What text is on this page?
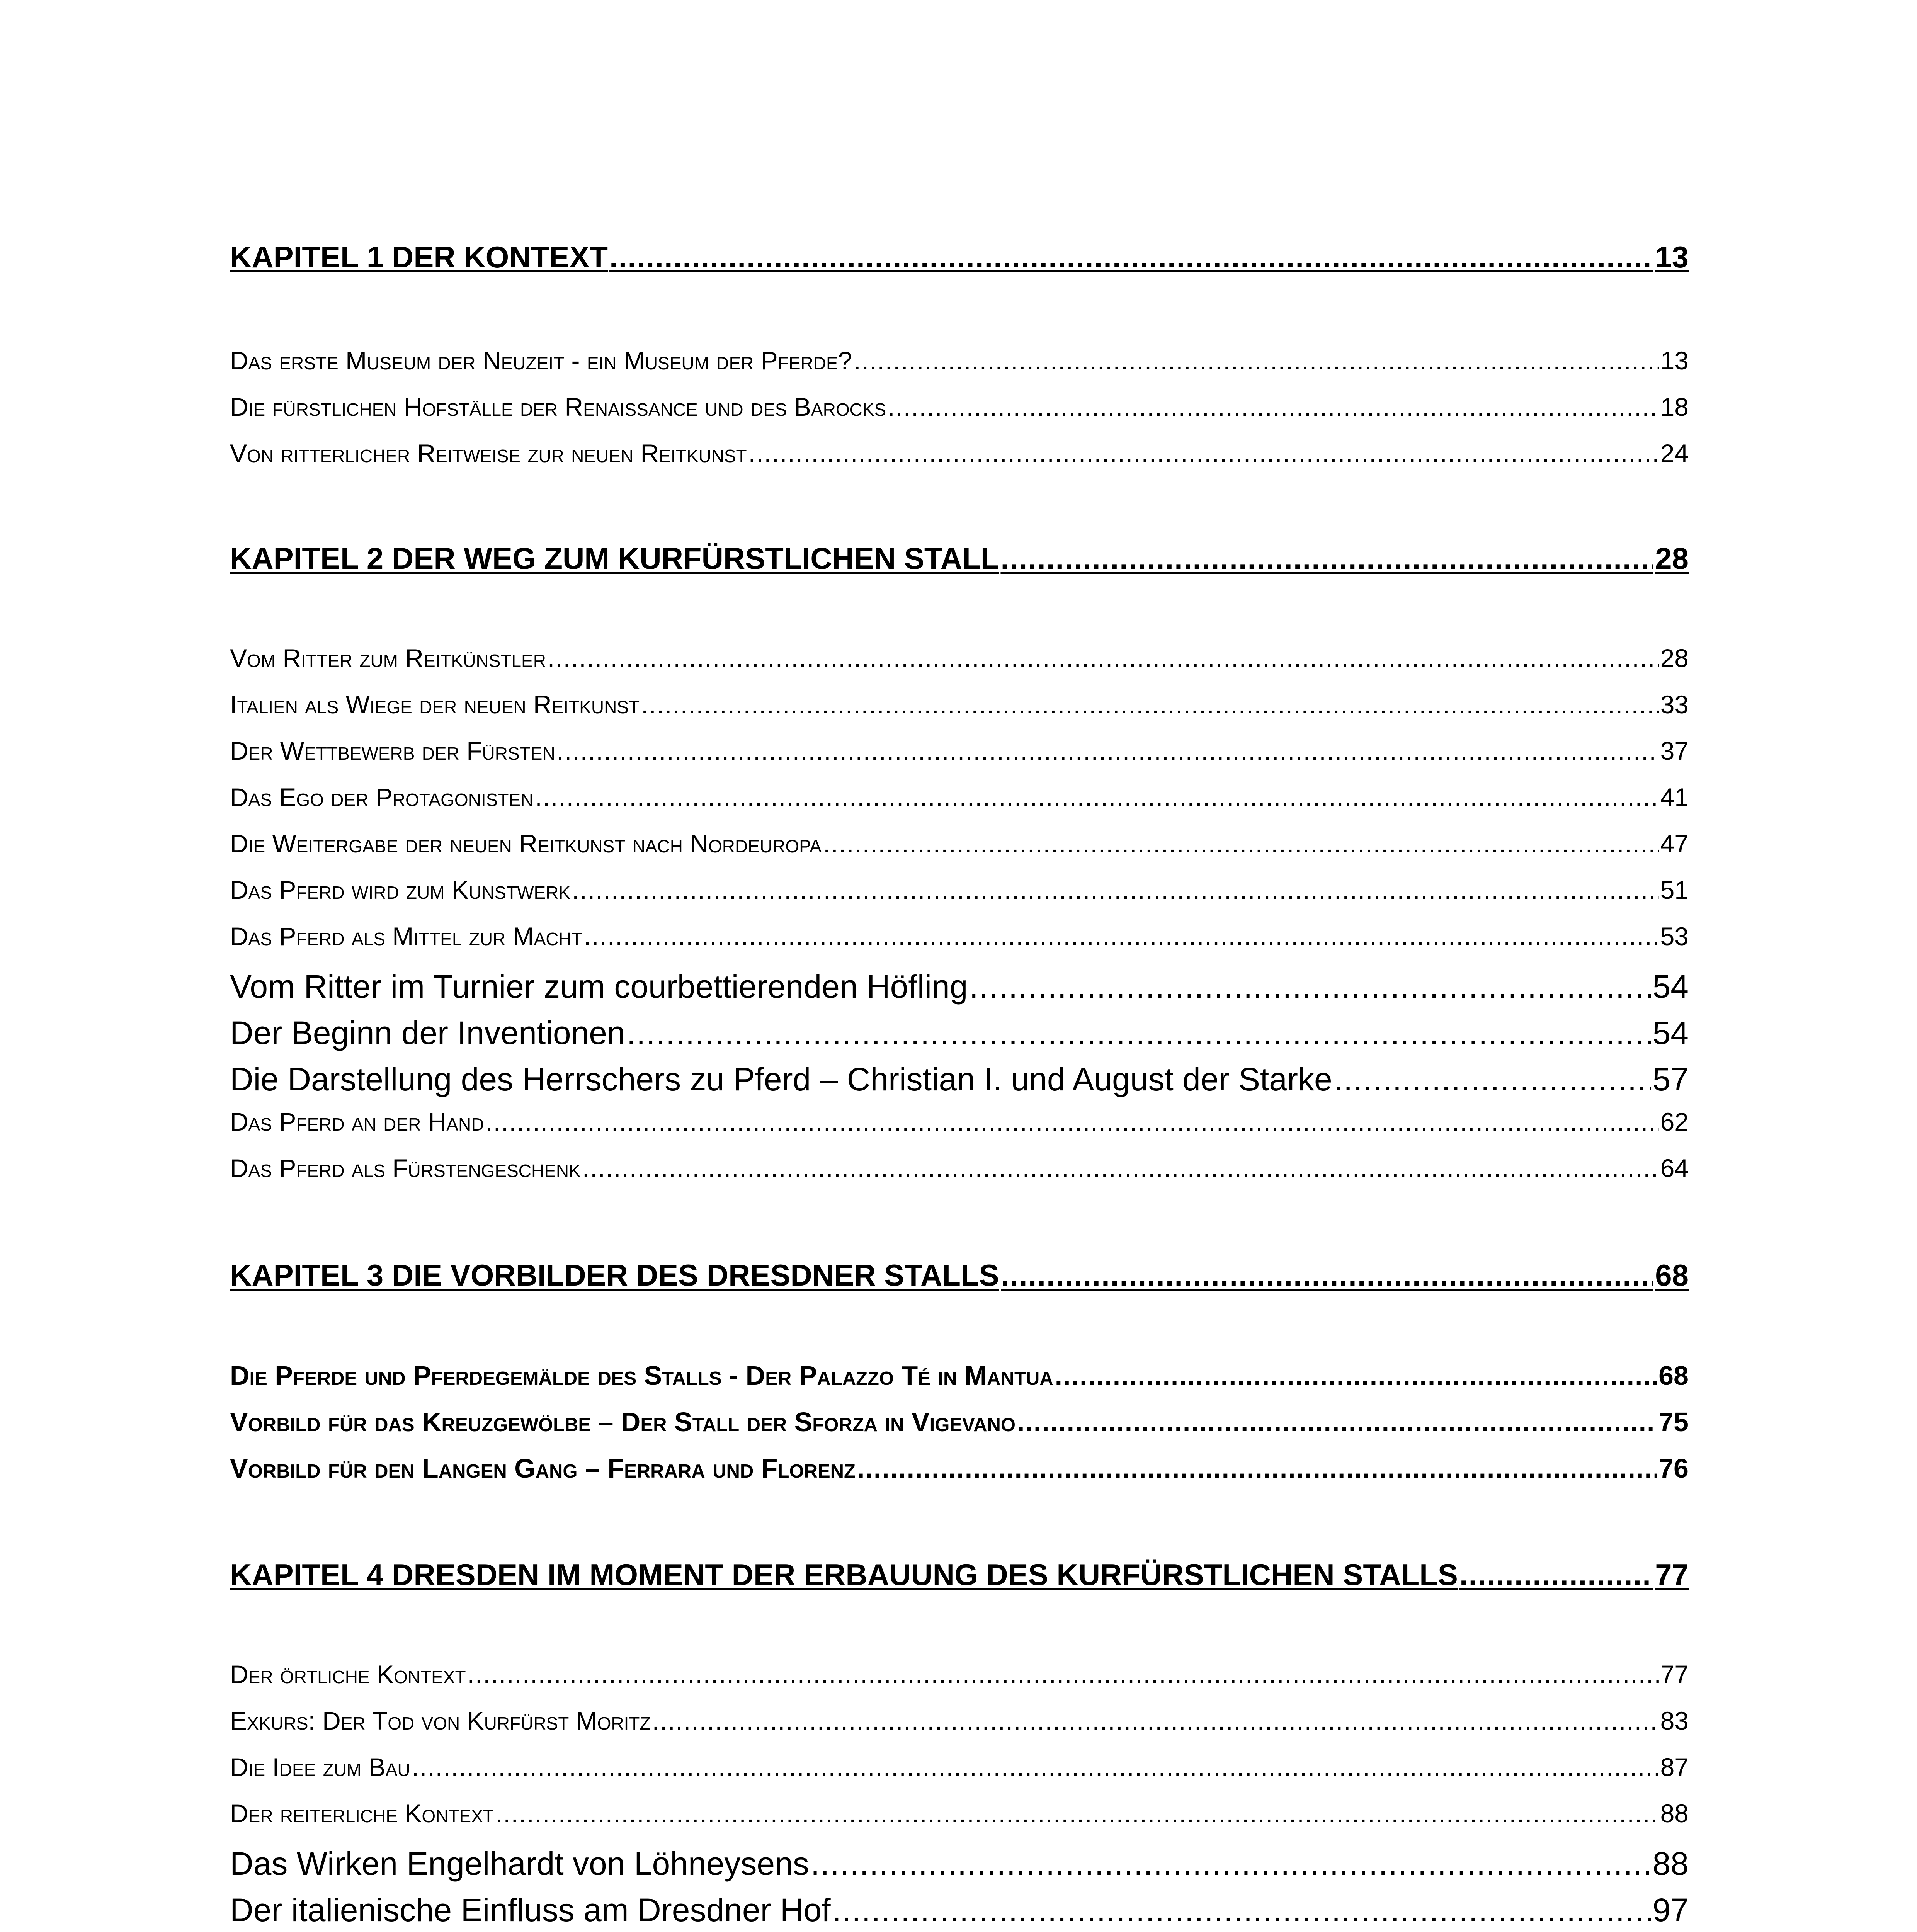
KAPITEL 1 DER KONTEXT .....	13
Das erste Museum der Neuzeit - ein Museum der Pferde? .....	13
Die fürstlichen Hofställe der Renaissance und des Barocks .....	18
Von ritterlicher Reitweise zur neuen Reitkunst .....	24
KAPITEL 2 DER WEG ZUM KURFÜRSTLICHEN STALL .....	28
Vom Ritter zum Reitkünstler .....	28
Italien als Wiege der neuen Reitkunst .....	33
Der Wettbewerb der Fürsten .....	37
Das Ego der Protagonisten .....	41
Die Weitergabe der neuen Reitkunst nach Nordeuropa .....	47
Das Pferd wird zum Kunstwerk .....	51
Das Pferd als Mittel zur Macht .....	53
Vom Ritter im Turnier zum courbettierenden Höfling .....	54
Der Beginn der Inventionen .....	54
Die Darstellung des Herrschers zu Pferd – Christian I. und August der Starke .....	57
Das Pferd an der Hand .....	62
Das Pferd als Fürstengeschenk .....	64
KAPITEL 3 DIE VORBILDER DES DRESDNER STALLS .....	68
Die Pferde und Pferdegemälde des Stalls - Der Palazzo Té in Mantua .....	68
Vorbild für das Kreuzgewölbe – Der Stall der Sforza in Vigevano .....	75
Vorbild für den Langen Gang – Ferrara und Florenz .....	76
KAPITEL 4 DRESDEN IM MOMENT DER ERBAUUNG DES KURFÜRSTLICHEN STALLS .....	77
Der örtliche Kontext .....	77
Exkurs: Der Tod von Kurfürst Moritz .....	83
Die Idee zum Bau .....	87
Der reiterliche Kontext .....	88
Das Wirken Engelhardt von Löhneysens .....	88
Der italienische Einfluss am Dresdner Hof .....	97
